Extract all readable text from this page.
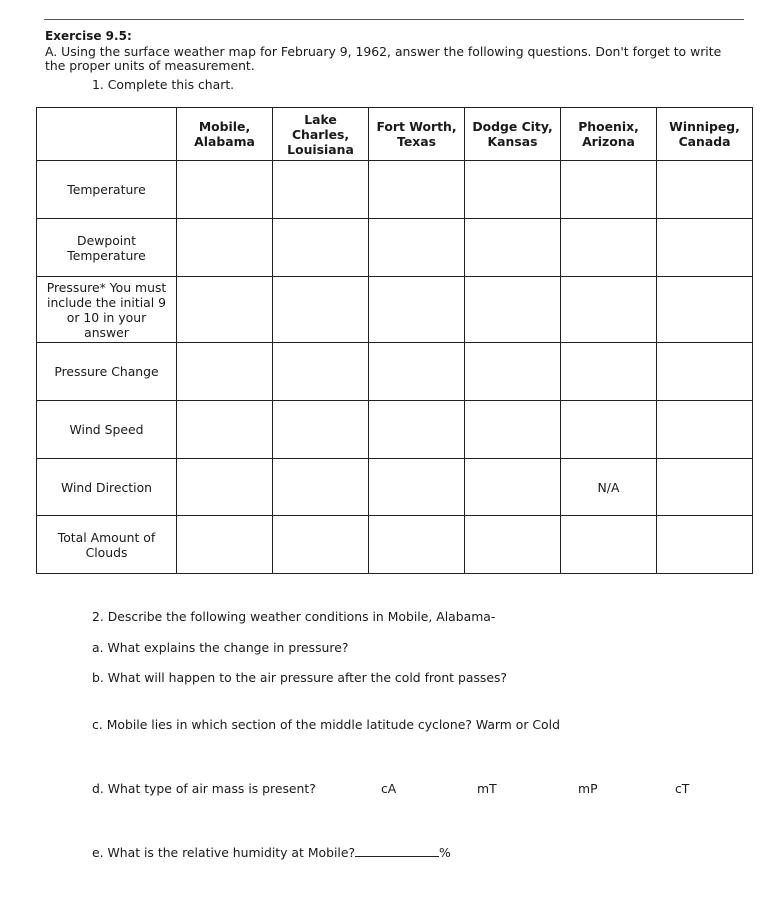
Exercise 9.5:
A. Using the surface weather map for February 9, 1962, answer the following questions. Don't forget to write the proper units of measurement.
1. Complete this chart.

	Mobile,
Alabama	Lake
Charles,
Louisiana	Fort Worth,
Texas	Dodge City,
Kansas	Phoenix,
Arizona	Winnipeg,
Canada

Temperature						

Dewpoint
Temperature						

Pressure* You must
include the initial 9
or 10 in your
answer						

Pressure Change						
Wind Speed						
Wind Direction					N/A	

Total Amount of
Clouds						

2. Describe the following weather conditions in Mobile, Alabama-
a. What explains the change in pressure?
b. What will happen to the air pressure after the cold front passes?
c. Mobile lies in which section of the middle latitude cyclone? Warm or Cold
d. What type of air mass is present?	cA	mT	mP	cT
e. What is the relative humidity at Mobile?	%
